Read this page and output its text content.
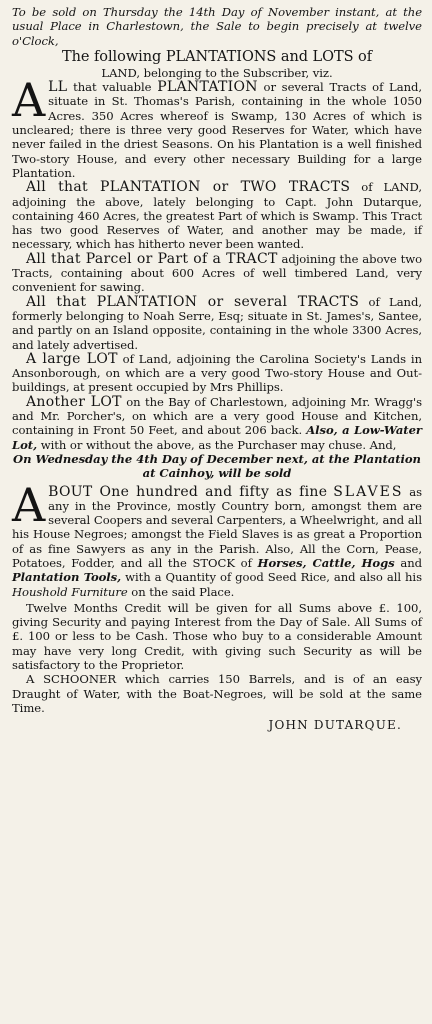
To be sold on Thursday the 14th Day of November instant, at the usual Place in Charlestown, the Sale to begin precisely at twelve o'Clock,

The following PLANTATIONS and LOTS of

LAND, belonging to the Subscriber, viz.

ALL that valuable PLANTATION or several Tracts of Land, situate in St. Thomas's Parish, containing in the whole 1050 Acres. 350 Acres whereof is Swamp, 130 Acres of which is uncleared; there is three very good Reserves for Water, which have never failed in the driest Seasons. On his Plantation is a well finished Two-story House, and every other necessary Building for a large Plantation.

All that PLANTATION or TWO TRACTS of LAND, adjoining the above, lately belonging to Capt. John Dutarque, containing 460 Acres, the greatest Part of which is Swamp. This Tract has two good Reserves of Water, and another may be made, if necessary, which has hitherto never been wanted.

All that Parcel or Part of a TRACT adjoining the above two Tracts, containing about 600 Acres of well timbered Land, very convenient for sawing.

All that PLANTATION or several TRACTS of Land, formerly belonging to Noah Serre, Esq; situate in St. James's, Santee, and partly on an Island opposite, containing in the whole 3300 Acres, and lately advertised.

A large LOT of Land, adjoining the Carolina Society's Lands in Ansonborough, on which are a very good Two-story House and Out-buildings, at present occupied by Mrs Phillips.

Another LOT on the Bay of Charlestown, adjoining Mr. Wragg's and Mr. Porcher's, on which are a very good House and Kitchen, containing in Front 50 Feet, and about 206 back. Also, a Low-Water Lot, with or without the above, as the Purchaser may chuse. And,

On Wednesday the 4th Day of December next, at the Plantation at Cainhoy, will be sold

ABOUT One hundred and fifty as fine SLAVES as any in the Province, mostly Country born, amongst them are several Coopers and several Carpenters, a Wheelwright, and all his House Negroes; amongst the Field Slaves is as great a Proportion of as fine Sawyers as any in the Parish. Also, All the Corn, Pease, Potatoes, Fodder, and all the STOCK of Horses, Cattle, Hogs and Plantation Tools, with a Quantity of good Seed Rice, and also all his Houshold Furniture on the said Place.

Twelve Months Credit will be given for all Sums above £. 100, giving Security and paying Interest from the Day of Sale. All Sums of £. 100 or less to be Cash. Those who buy to a considerable Amount may have very long Credit, with giving such Security as will be satisfactory to the Proprietor.

A SCHOONER which carries 150 Barrels, and is of an easy Draught of Water, with the Boat-Negroes, will be sold at the same Time.

JOHN DUTARQUE.
